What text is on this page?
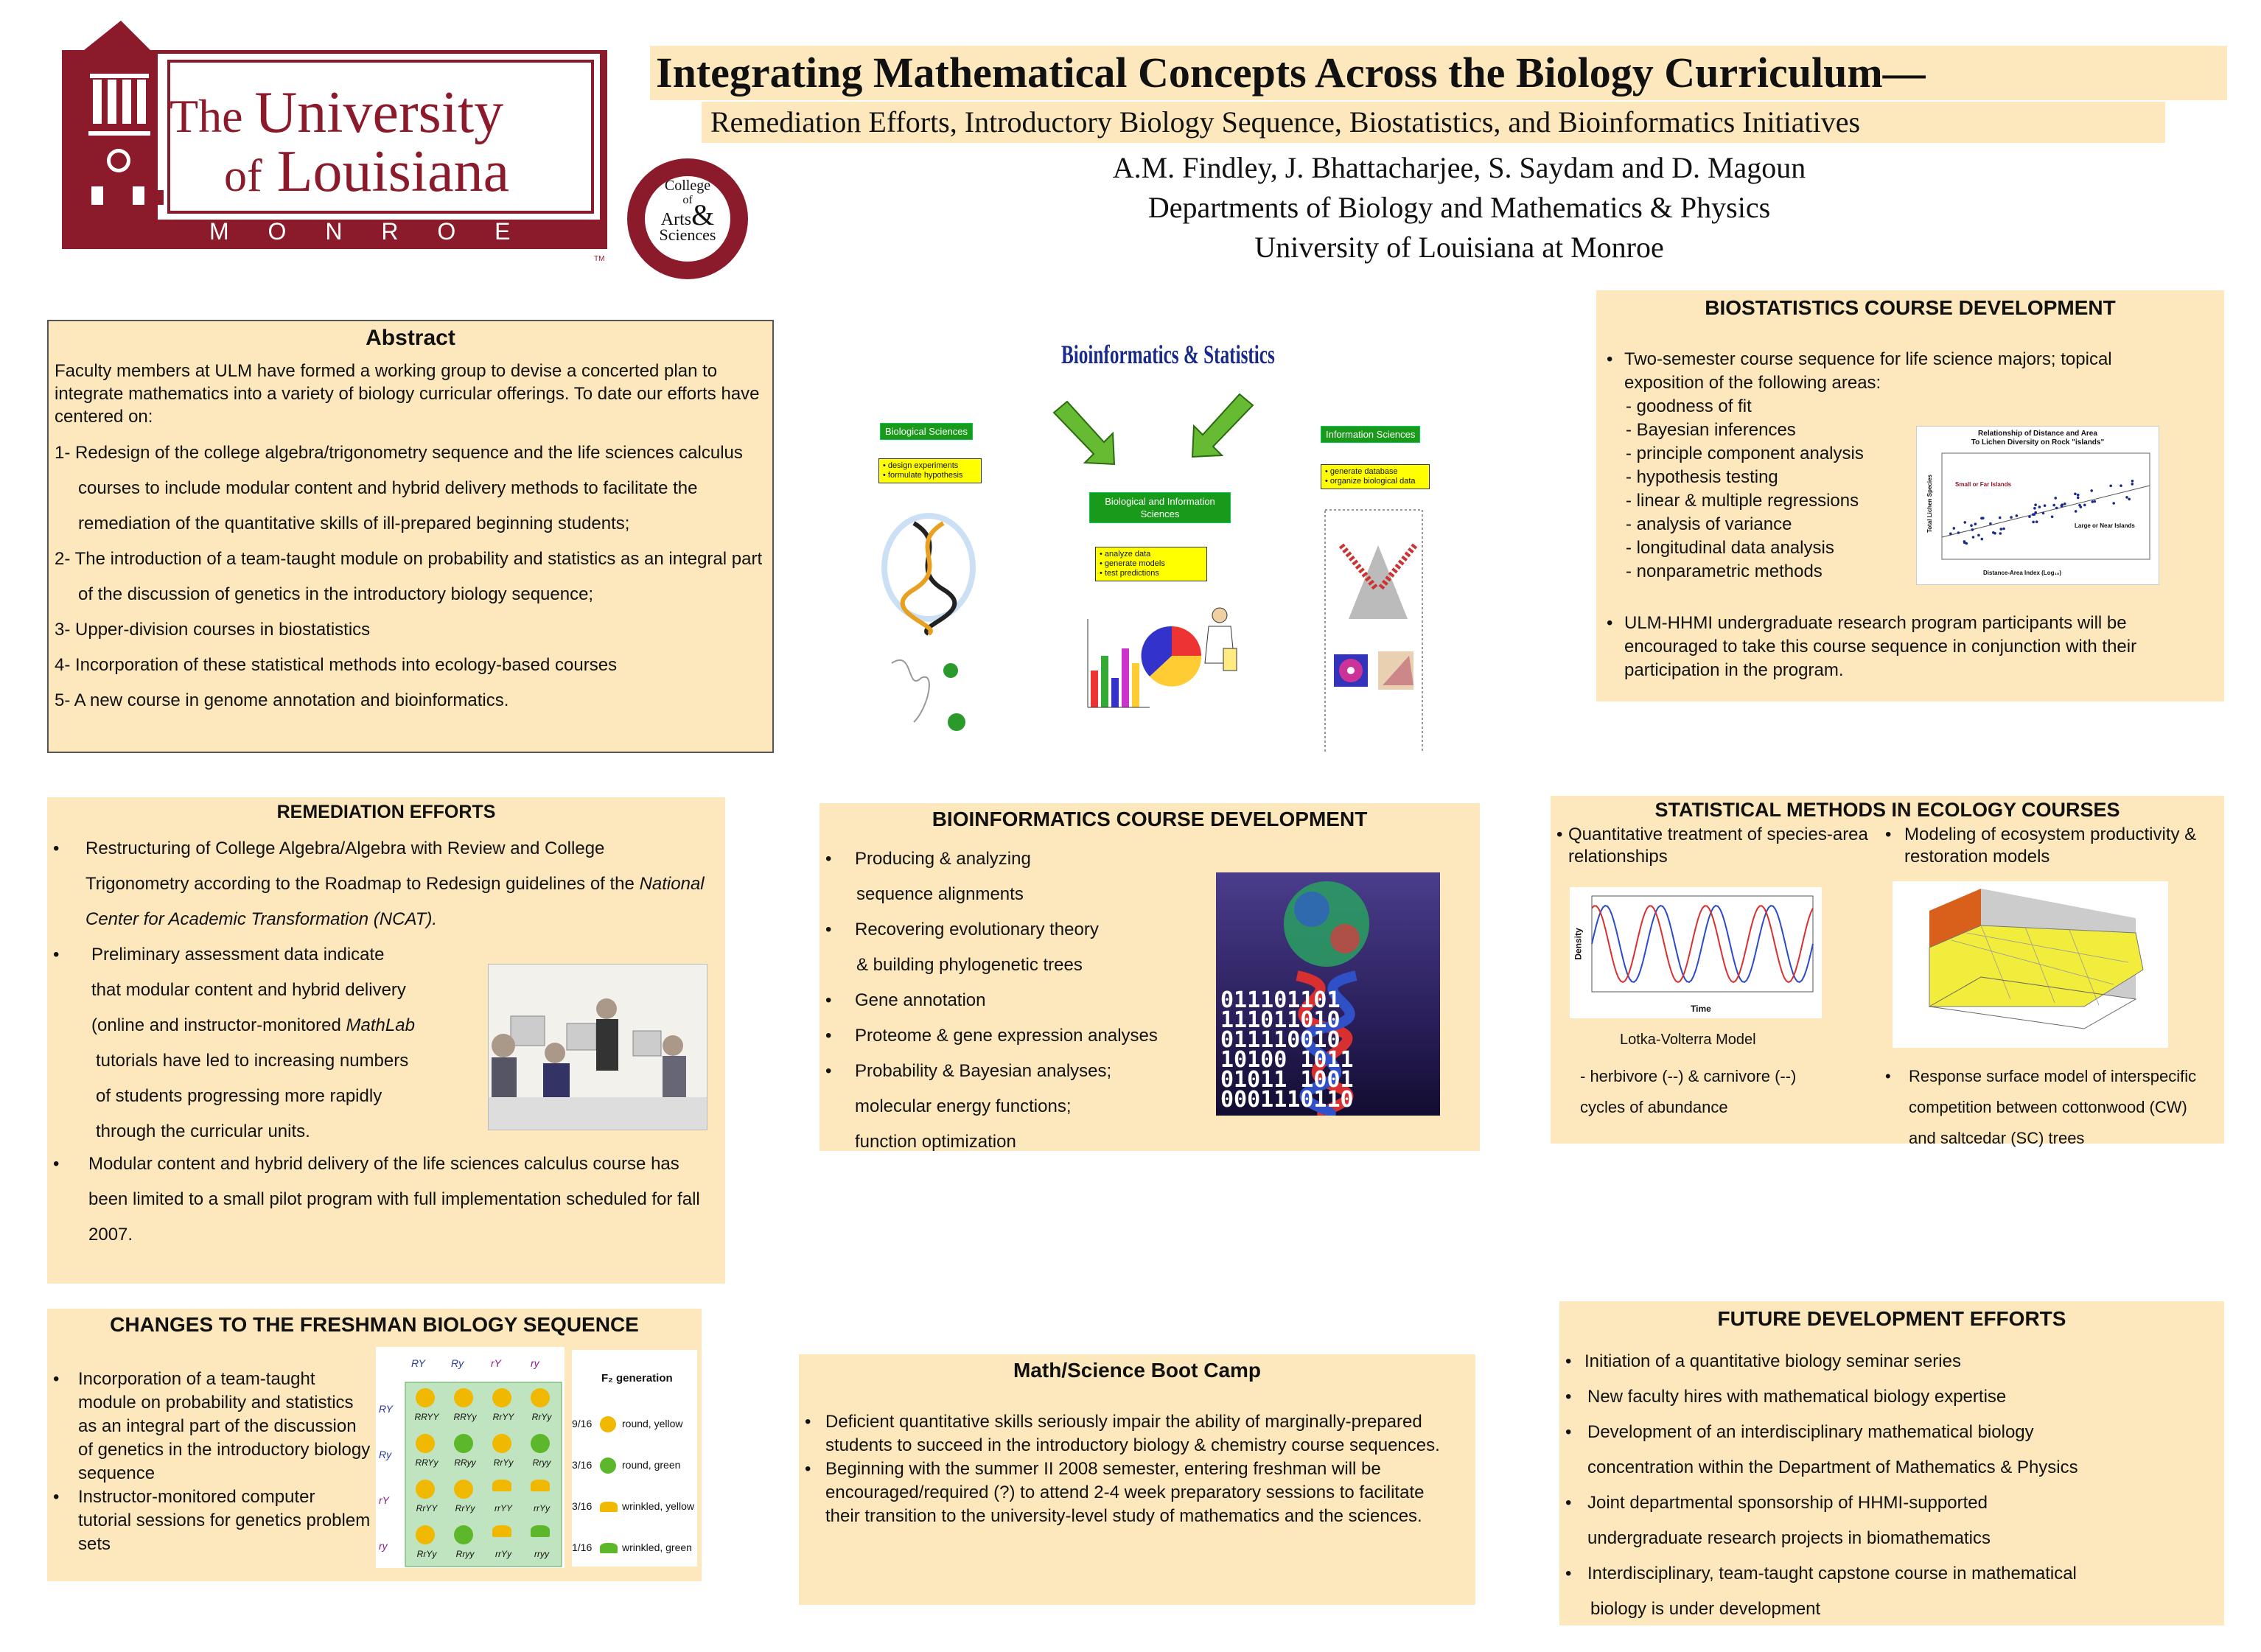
The University
of Louisiana
M O N R O E
TM
College
of
Arts&
Sciences
Integrating Mathematical Concepts Across the Biology Curriculum—
Remediation Efforts, Introductory Biology Sequence, Biostatistics, and Bioinformatics Initiatives
A.M. Findley, J. Bhattacharjee, S. Saydam and D. Magoun
Departments of Biology and Mathematics & Physics
University of Louisiana at Monroe
Abstract
Faculty members at ULM have formed a working group to devise a concerted plan to integrate mathematics into a variety of biology curricular offerings. To date our efforts have centered on:
1- Redesign of the college algebra/trigonometry sequence and the life sciences calculus courses to include modular content and hybrid delivery methods to facilitate the remediation of the quantitative skills of ill-prepared beginning students;
2- The introduction of a team-taught module on probability and statistics as an integral part of the discussion of genetics in the introductory biology sequence;
3- Upper-division courses in biostatistics
4- Incorporation of these statistical methods into ecology-based courses
5- A new course in genome annotation and bioinformatics.
Bioinformatics & Statistics
Biological Sciences
• design experiments
• formulate hypothesis
Information Sciences
• generate database
• organize biological data
Biological and Information Sciences
• analyze data
• generate models
• test predictions
BIOSTATISTICS COURSE DEVELOPMENT
• Two-semester course sequence for life science majors; topical exposition of the following areas:
- goodness of fit
- Bayesian inferences
- principle component analysis
- hypothesis testing
- linear & multiple regressions
- analysis of variance
- longitudinal data analysis
- nonparametric methods
Relationship of Distance and Area
To Lichen Diversity on Rock "islands"
Small or Far Islands
Large or Near Islands
Distance-Area Index (Log₁₀)
Total Lichen Species
• ULM-HHMI undergraduate research program participants will be encouraged to take this course sequence in conjunction with their participation in the program.
REMEDIATION EFFORTS
• Restructuring of College Algebra/Algebra with Review and College Trigonometry according to the Roadmap to Redesign guidelines of the National Center for Academic Transformation (NCAT).
• Preliminary assessment data indicate
that modular content and hybrid delivery
(online and instructor-monitored MathLab
tutorials have led to increasing numbers
of students progressing more rapidly
through the curricular units.
• Modular content and hybrid delivery of the life sciences calculus course has been limited to a small pilot program with full implementation scheduled for fall 2007.
BIOINFORMATICS COURSE DEVELOPMENT
• Producing & analyzing
sequence alignments
• Recovering evolutionary theory
& building phylogenetic trees
• Gene annotation
• Proteome & gene expression analyses
• Probability & Bayesian analyses;
molecular energy functions;
function optimization
011101101
111011010
011110010
10100 1011
01011 1001
0001110110
STATISTICAL METHODS IN ECOLOGY COURSES
• Quantitative treatment of species-area relationships
• Modeling of ecosystem productivity & restoration models
Time
Density
Lotka-Volterra Model
- herbivore (--) & carnivore (--) cycles of abundance
• Response surface model of interspecific competition between cottonwood (CW) and saltcedar (SC) trees
CHANGES TO THE FRESHMAN BIOLOGY SEQUENCE
• Incorporation of a team-taught module on probability and statistics as an integral part of the discussion of genetics in the introductory biology sequence
• Instructor-monitored computer tutorial sessions for genetics problem sets
RY	Ry	rY	ry
RY
Ry
rY
ry
RRYY	RRYy	RrYY	RrYy
RRYy	RRyy	RrYy	Rryy
RrYY	RrYy	rrYY	rrYy
RrYy	Rryy	rrYy	rryy
F₂ generation
9/16	round, yellow
3/16	round, green
3/16	wrinkled, yellow
1/16	wrinkled, green
Math/Science Boot Camp
• Deficient quantitative skills seriously impair the ability of marginally-prepared students to succeed in the introductory biology & chemistry course sequences.
• Beginning with the summer II 2008 semester, entering freshman will be encouraged/required (?) to attend 2-4 week preparatory sessions to facilitate their transition to the university-level study of mathematics and the sciences.
FUTURE DEVELOPMENT EFFORTS
• Initiation of a quantitative biology seminar series
• New faculty hires with mathematical biology expertise
• Development of an interdisciplinary mathematical biology
concentration within the Department of Mathematics & Physics
• Joint departmental sponsorship of HHMI-supported
undergraduate research projects in biomathematics
• Interdisciplinary, team-taught capstone course in mathematical
biology is under development
